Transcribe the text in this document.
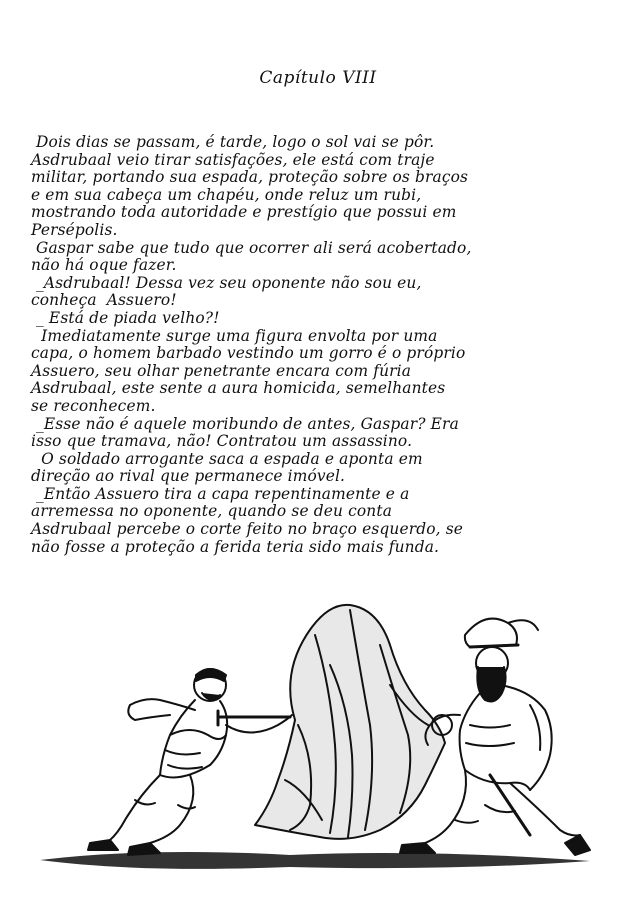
Capítulo VIII
Dois dias se passam, é tarde, logo o sol vai se pôr.
Asdrubaal veio tirar satisfações, ele está com traje
militar, portando sua espada, proteção sobre os braços
e em sua cabeça um chapéu, onde reluz um rubi,
mostrando toda autoridade e prestígio que possui em
Persépolis.
Gaspar sabe que tudo que ocorrer ali será acobertado,
não há oque fazer.
_Asdrubaal! Dessa vez seu oponente não sou eu,
conheça  Assuero!
_ Está de piada velho?!
Imediatamente surge uma figura envolta por uma
capa, o homem barbado vestindo um gorro é o próprio
Assuero, seu olhar penetrante encara com fúria
Asdrubaal, este sente a aura homicida, semelhantes
se reconhecem.
_Esse não é aquele moribundo de antes, Gaspar? Era
isso que tramava, não! Contratou um assassino.
O soldado arrogante saca a espada e aponta em
direção ao rival que permanece imóvel.
_Então Assuero tira a capa repentinamente e a
arremessa no oponente, quando se deu conta
Asdrubaal percebe o corte feito no braço esquerdo, se
não fosse a proteção a ferida teria sido mais funda.
